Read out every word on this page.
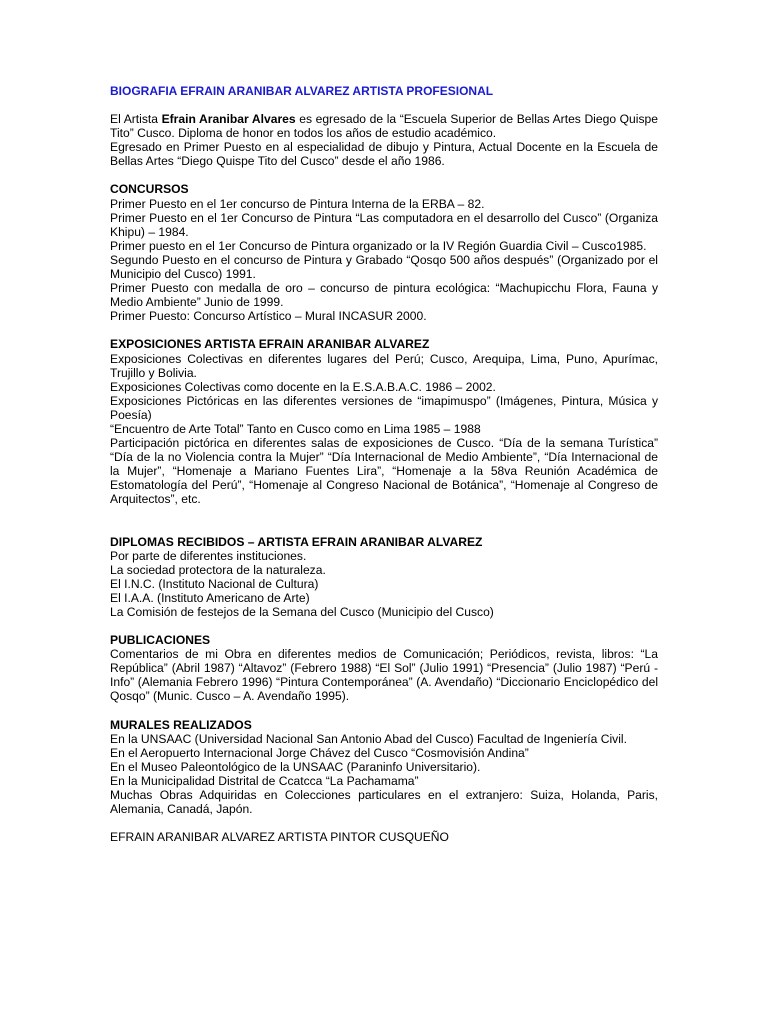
BIOGRAFIA EFRAIN ARANIBAR ALVAREZ ARTISTA PROFESIONAL

El Artista Efrain Aranibar Alvares es egresado de la “Escuela Superior de Bellas Artes Diego Quispe Tito” Cusco. Diploma de honor en todos los años de estudio académico.

Egresado en Primer Puesto en al especialidad de dibujo y Pintura, Actual Docente en la Escuela de Bellas Artes “Diego Quispe Tito del Cusco” desde el año 1986.

CONCURSOS

Primer Puesto en el 1er concurso de Pintura Interna de la ERBA – 82.

Primer Puesto en el 1er Concurso de Pintura “Las computadora en el desarrollo del Cusco” (Organiza Khipu) – 1984.

Primer puesto en el 1er Concurso de Pintura organizado or la IV Región Guardia Civil – Cusco1985.

Segundo Puesto en el concurso de Pintura y Grabado “Qosqo 500 años después” (Organizado por el Municipio del Cusco) 1991.

Primer Puesto con medalla de oro – concurso de pintura ecológica: “Machupicchu Flora, Fauna y Medio Ambiente” Junio de 1999.

Primer Puesto: Concurso Artístico – Mural INCASUR 2000.

EXPOSICIONES ARTISTA EFRAIN ARANIBAR ALVAREZ

Exposiciones Colectivas en diferentes lugares del Perú; Cusco, Arequipa, Lima, Puno, Apurímac, Trujillo y Bolivia.

Exposiciones Colectivas como docente en la E.S.A.B.A.C. 1986 – 2002.

Exposiciones Pictóricas en las diferentes versiones de “imapimuspo” (Imágenes, Pintura, Música y Poesía)

“Encuentro de Arte Total” Tanto en Cusco como en Lima 1985 – 1988

Participación pictórica en diferentes salas de exposiciones de Cusco. “Día de la semana Turística” “Día de la no Violencia contra la Mujer” “Día Internacional de Medio Ambiente”, “Día Internacional de la Mujer”, “Homenaje a Mariano Fuentes Lira”, “Homenaje a la 58va Reunión Académica de Estomatología del Perú”, “Homenaje al Congreso Nacional de Botánica”, “Homenaje al Congreso de Arquitectos”, etc.

DIPLOMAS RECIBIDOS – ARTISTA EFRAIN ARANIBAR ALVAREZ

Por parte de diferentes instituciones.

La sociedad protectora de la naturaleza.

El I.N.C. (Instituto Nacional de Cultura)

El I.A.A. (Instituto Americano de Arte)

La Comisión de festejos de la Semana del Cusco (Municipio del Cusco)

PUBLICACIONES

Comentarios de mi Obra en diferentes medios de Comunicación; Periódicos, revista, libros: “La República” (Abril 1987) “Altavoz” (Febrero 1988) “El Sol” (Julio 1991) “Presencia” (Julio 1987) “Perú - Info” (Alemania Febrero 1996) “Pintura Contemporánea” (A. Avendaño) “Diccionario Enciclopédico del Qosqo” (Munic. Cusco – A. Avendaño 1995).

MURALES REALIZADOS

En la UNSAAC (Universidad Nacional San Antonio Abad del Cusco) Facultad de Ingeniería Civil.

En el Aeropuerto Internacional Jorge Chávez del Cusco “Cosmovisión Andina”

En el Museo Paleontológico de la UNSAAC (Paraninfo Universitario).

En la Municipalidad Distrital de Ccatcca “La Pachamama”

Muchas Obras Adquiridas en Colecciones particulares en el extranjero: Suiza, Holanda, Paris, Alemania, Canadá, Japón.

EFRAIN ARANIBAR ALVAREZ ARTISTA PINTOR CUSQUEÑO
